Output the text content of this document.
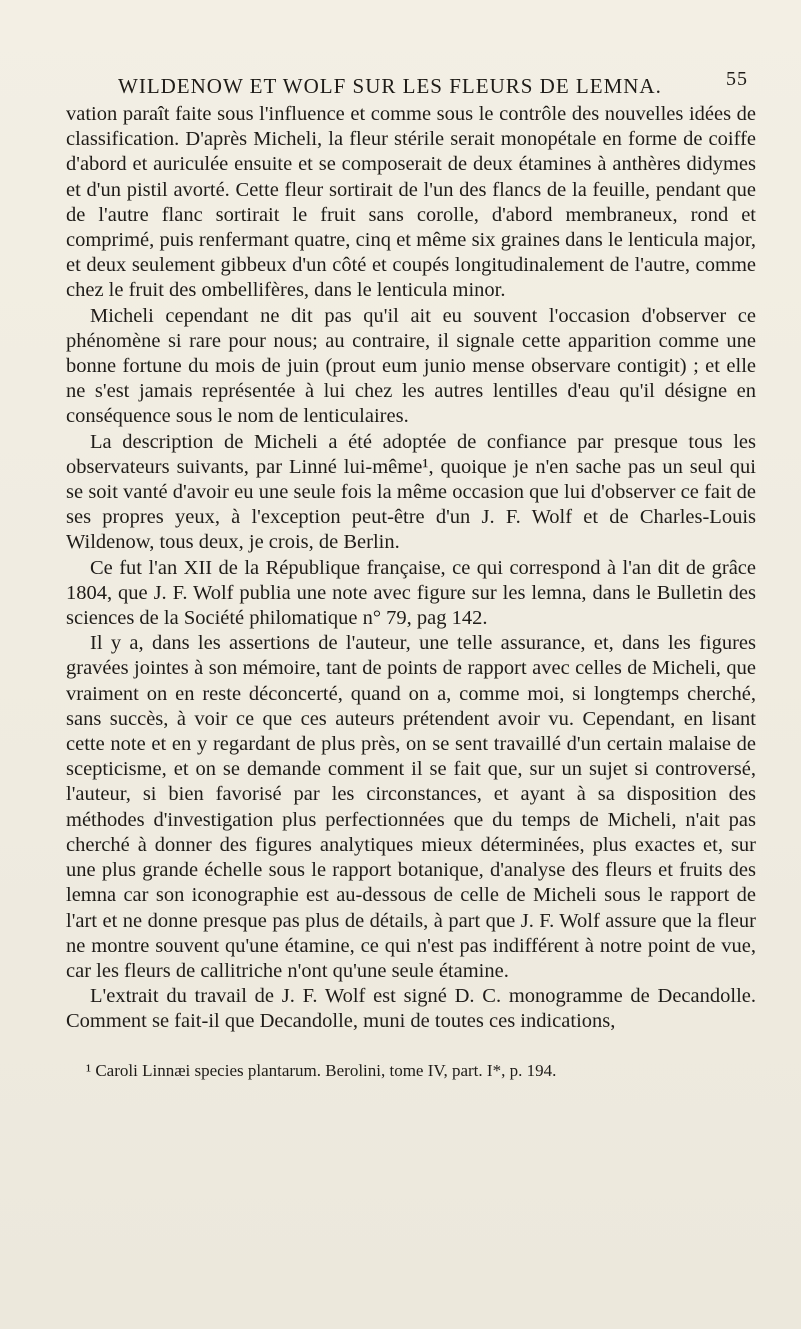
WILDENOW ET WOLF SUR LES FLEURS DE LEMNA.	55

vation paraît faite sous l'influence et comme sous le contrôle des nouvelles idées de classification. D'après Micheli, la fleur stérile serait monopétale en forme de coiffe d'abord et auriculée ensuite et se composerait de deux étamines à anthères didymes et d'un pistil avorté. Cette fleur sortirait de l'un des flancs de la feuille, pendant que de l'autre flanc sortirait le fruit sans corolle, d'abord membraneux, rond et comprimé, puis renfermant quatre, cinq et même six graines dans le lenticula major, et deux seulement gibbeux d'un côté et coupés longitudinalement de l'autre, comme chez le fruit des ombellifères, dans le lenticula minor.

Micheli cependant ne dit pas qu'il ait eu souvent l'occasion d'observer ce phénomène si rare pour nous; au contraire, il signale cette apparition comme une bonne fortune du mois de juin (prout eum junio mense observare contigit) ; et elle ne s'est jamais représentée à lui chez les autres lentilles d'eau qu'il désigne en conséquence sous le nom de lenticulaires.

La description de Micheli a été adoptée de confiance par presque tous les observateurs suivants, par Linné lui-même¹, quoique je n'en sache pas un seul qui se soit vanté d'avoir eu une seule fois la même occasion que lui d'observer ce fait de ses propres yeux, à l'exception peut-être d'un J. F. Wolf et de Charles-Louis Wildenow, tous deux, je crois, de Berlin.

Ce fut l'an XII de la République française, ce qui correspond à l'an dit de grâce 1804, que J. F. Wolf publia une note avec figure sur les lemna, dans le Bulletin des sciences de la Société philomatique n° 79, pag 142.

Il y a, dans les assertions de l'auteur, une telle assurance, et, dans les figures gravées jointes à son mémoire, tant de points de rapport avec celles de Micheli, que vraiment on en reste déconcerté, quand on a, comme moi, si longtemps cherché, sans succès, à voir ce que ces auteurs prétendent avoir vu. Cependant, en lisant cette note et en y regardant de plus près, on se sent travaillé d'un certain malaise de scepticisme, et on se demande comment il se fait que, sur un sujet si controversé, l'auteur, si bien favorisé par les circonstances, et ayant à sa disposition des méthodes d'investigation plus perfectionnées que du temps de Micheli, n'ait pas cherché à donner des figures analytiques mieux déterminées, plus exactes et, sur une plus grande échelle sous le rapport botanique, d'analyse des fleurs et fruits des lemna car son iconographie est au-dessous de celle de Micheli sous le rapport de l'art et ne donne presque pas plus de détails, à part que J. F. Wolf assure que la fleur ne montre souvent qu'une étamine, ce qui n'est pas indifférent à notre point de vue, car les fleurs de callitriche n'ont qu'une seule étamine.

L'extrait du travail de J. F. Wolf est signé D. C. monogramme de Decandolle. Comment se fait-il que Decandolle, muni de toutes ces indications,

¹ Caroli Linnæi species plantarum. Berolini, tome IV, part. I*, p. 194.
